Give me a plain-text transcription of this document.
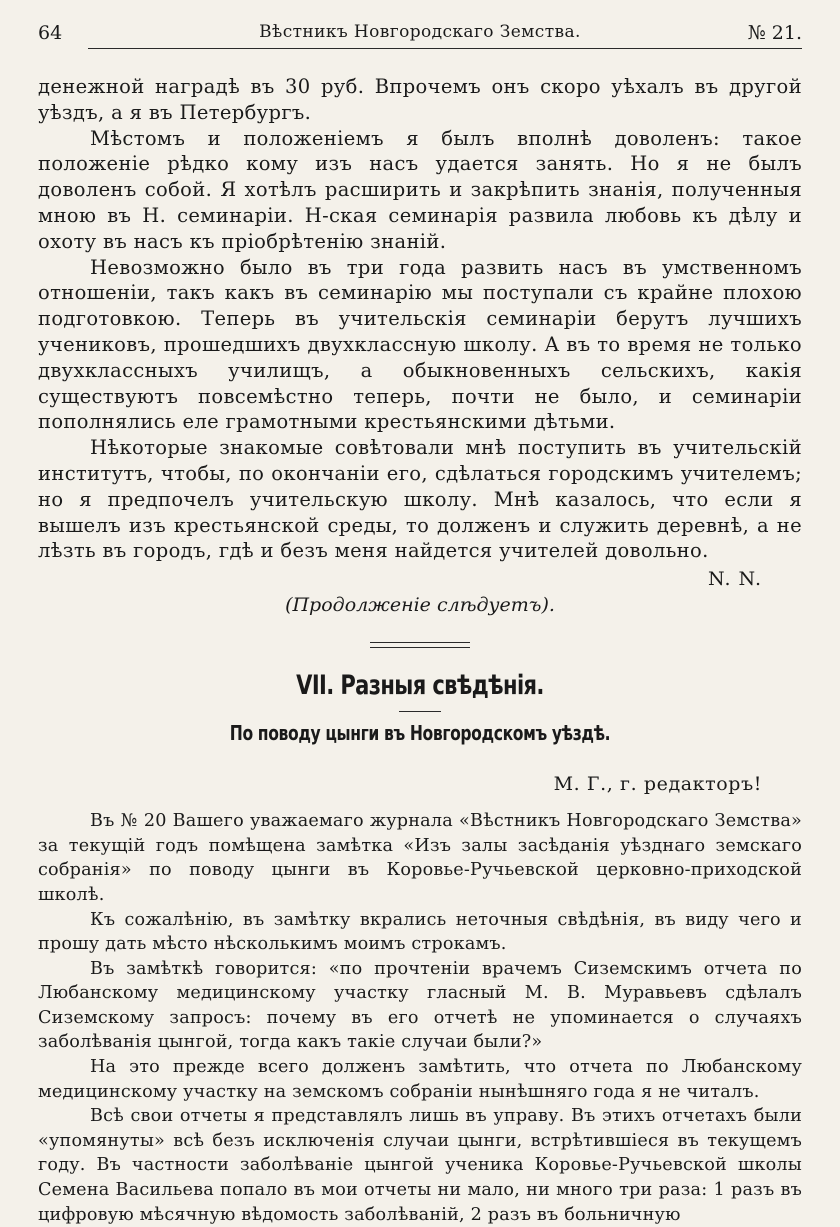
64	Вѣстникъ Новгородскаго Земства.	№ 21.

денежной наградѣ въ 30 руб. Впрочемъ онъ скоро уѣхалъ въ другой уѣздъ, а я въ Петербургъ.

Мѣстомъ и положеніемъ я былъ вполнѣ доволенъ: такое положеніе рѣдко кому изъ насъ удается занять. Но я не былъ доволенъ собой. Я хотѣлъ расширить и закрѣпить знанія, полученныя мною въ Н. семинаріи. Н-ская семинарія развила любовь къ дѣлу и охоту въ насъ къ пріобрѣтенію знаній.

Невозможно было въ три года развить насъ въ умственномъ отношеніи, такъ какъ въ семинарію мы поступали съ крайне плохою подготовкою. Теперь въ учительскія семинаріи берутъ лучшихъ учениковъ, прошедшихъ двухклассную школу. А въ то время не только двухклассныхъ училищъ, а обыкновенныхъ сельскихъ, какія существуютъ повсемѣстно теперь, почти не было, и семинаріи пополнялись еле грамотными крестьянскими дѣтьми.

Нѣкоторые знакомые совѣтовали мнѣ поступить въ учительскій институтъ, чтобы, по окончаніи его, сдѣлаться городскимъ учителемъ; но я предпочелъ учительскую школу. Мнѣ казалось, что если я вышелъ изъ крестьянской среды, то долженъ и служить деревнѣ, а не лѣзть въ городъ, гдѣ и безъ меня найдется учителей довольно.

N. N.
(Продолженіе слѣдуетъ).
VII. Разныя свѣдѣнія.
По поводу цынги въ Новгородскомъ уѣздѣ.
М. Г., г. редакторъ!

Въ № 20 Вашего уважаемаго журнала «Вѣстникъ Новгородскаго Земства» за текущій годъ помѣщена замѣтка «Изъ залы засѣданія уѣзднаго земскаго собранія» по поводу цынги въ Коровье-Ручьевской церковно-приходской школѣ.

Къ сожалѣнію, въ замѣтку вкрались неточныя свѣдѣнія, въ виду чего и прошу дать мѣсто нѣсколькимъ моимъ строкамъ.

Въ замѣткѣ говорится: «по прочтеніи врачемъ Сиземскимъ отчета по Любанскому медицинскому участку гласный М. В. Муравьевъ сдѣлалъ Сиземскому запросъ: почему въ его отчетѣ не упоминается о случаяхъ заболѣванія цынгой, тогда какъ такіе случаи были?»

На это прежде всего долженъ замѣтить, что отчета по Любанскому медицинскому участку на земскомъ собраніи нынѣшняго года я не читалъ.

Всѣ свои отчеты я представлялъ лишь въ управу. Въ этихъ отчетахъ были «упомянуты» всѣ безъ исключенія случаи цынги, встрѣтившіеся въ текущемъ году. Въ частности заболѣваніе цынгой ученика Коровье-Ручьевской школы Семена Васильева попало въ мои отчеты ни мало, ни много три раза: 1 разъ въ цифровую мѣсячную вѣдомость заболѣваній, 2 разъ въ больничную
